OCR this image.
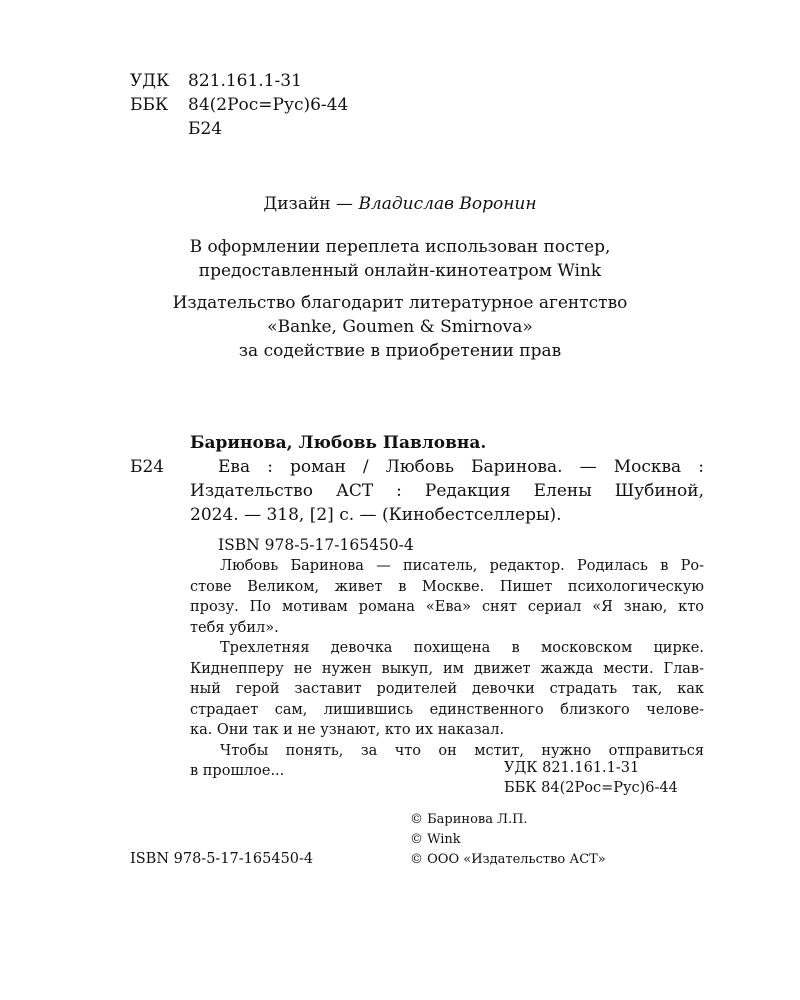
УДК 821.161.1-31
ББК 84(2Рос=Рус)6-44
Б24
Дизайн — Владислав Воронин
В оформлении переплета использован постер,
предоставленный онлайн-кинотеатром Wink
Издательство благодарит литературное агентство
«Banke, Goumen & Smirnova»
за содействие в приобретении прав
Баринова, Любовь Павловна.
Б24	Ева : роман / Любовь Баринова. — Москва :
Издательство АСТ : Редакция Елены Шубиной,
2024. — 318, [2] с. — (Кинобестселлеры).
ISBN 978-5-17-165450-4
Любовь Баринова — писатель, редактор. Родилась в Ро-
стове Великом, живет в Москве. Пишет психологическую
прозу. По мотивам романа «Ева» снят сериал «Я знаю, кто
тебя убил».
Трехлетняя девочка похищена в московском цирке.
Киднепперу не нужен выкуп, им движет жажда мести. Глав-
ный герой заставит родителей девочки страдать так, как
страдает сам, лишившись единственного близкого челове-
ка. Они так и не узнают, кто их наказал.
Чтобы понять, за что он мстит, нужно отправиться
в прошлое...	УДК 821.161.1-31
ББК 84(2Рос=Рус)6-44
© Баринова Л.П.
© Wink
© ООО «Издательство АСТ»
ISBN 978-5-17-165450-4
